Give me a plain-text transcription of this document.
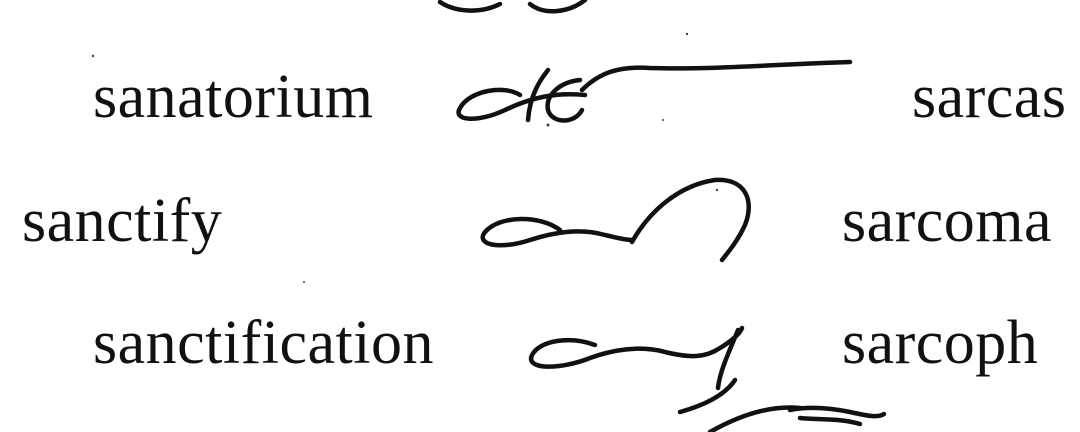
sanatorium
sanctify
sanctification
sarcas
sarcoma
sarcoph
